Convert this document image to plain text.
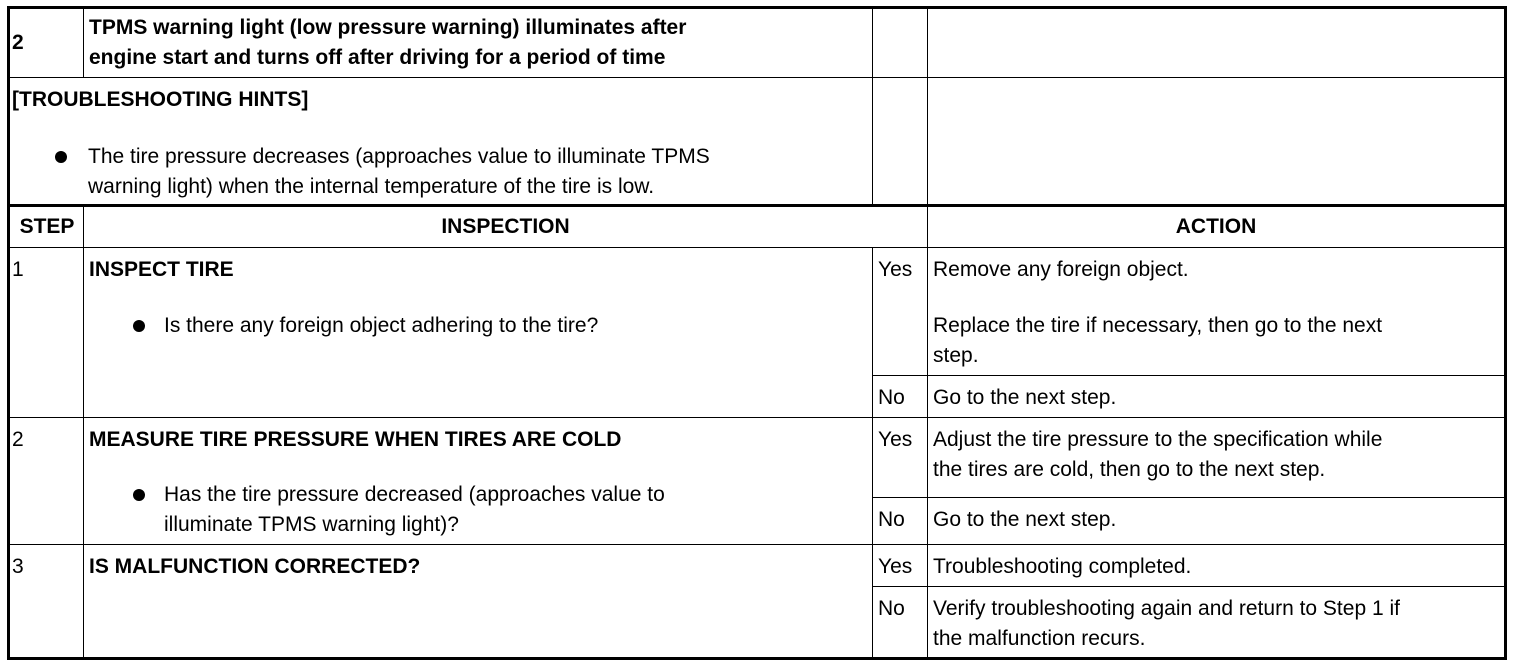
2
TPMS warning light (low pressure warning) illuminates after
engine start and turns off after driving for a period of time
[TROUBLESHOOTING HINTS]
The tire pressure decreases (approaches value to illuminate TPMS
warning light) when the internal temperature of the tire is low.
STEP	INSPECTION	ACTION
1	INSPECT TIRE
Is there any foreign object adhering to the tire?
Yes Remove any foreign object.
Replace the tire if necessary, then go to the next
step.
No Go to the next step.
2	MEASURE TIRE PRESSURE WHEN TIRES ARE COLD
Has the tire pressure decreased (approaches value to
illuminate TPMS warning light)?
Yes Adjust the tire pressure to the specification while
the tires are cold, then go to the next step.
No Go to the next step.
3	IS MALFUNCTION CORRECTED?	Yes Troubleshooting completed.
No Verify troubleshooting again and return to Step 1 if
the malfunction recurs.
